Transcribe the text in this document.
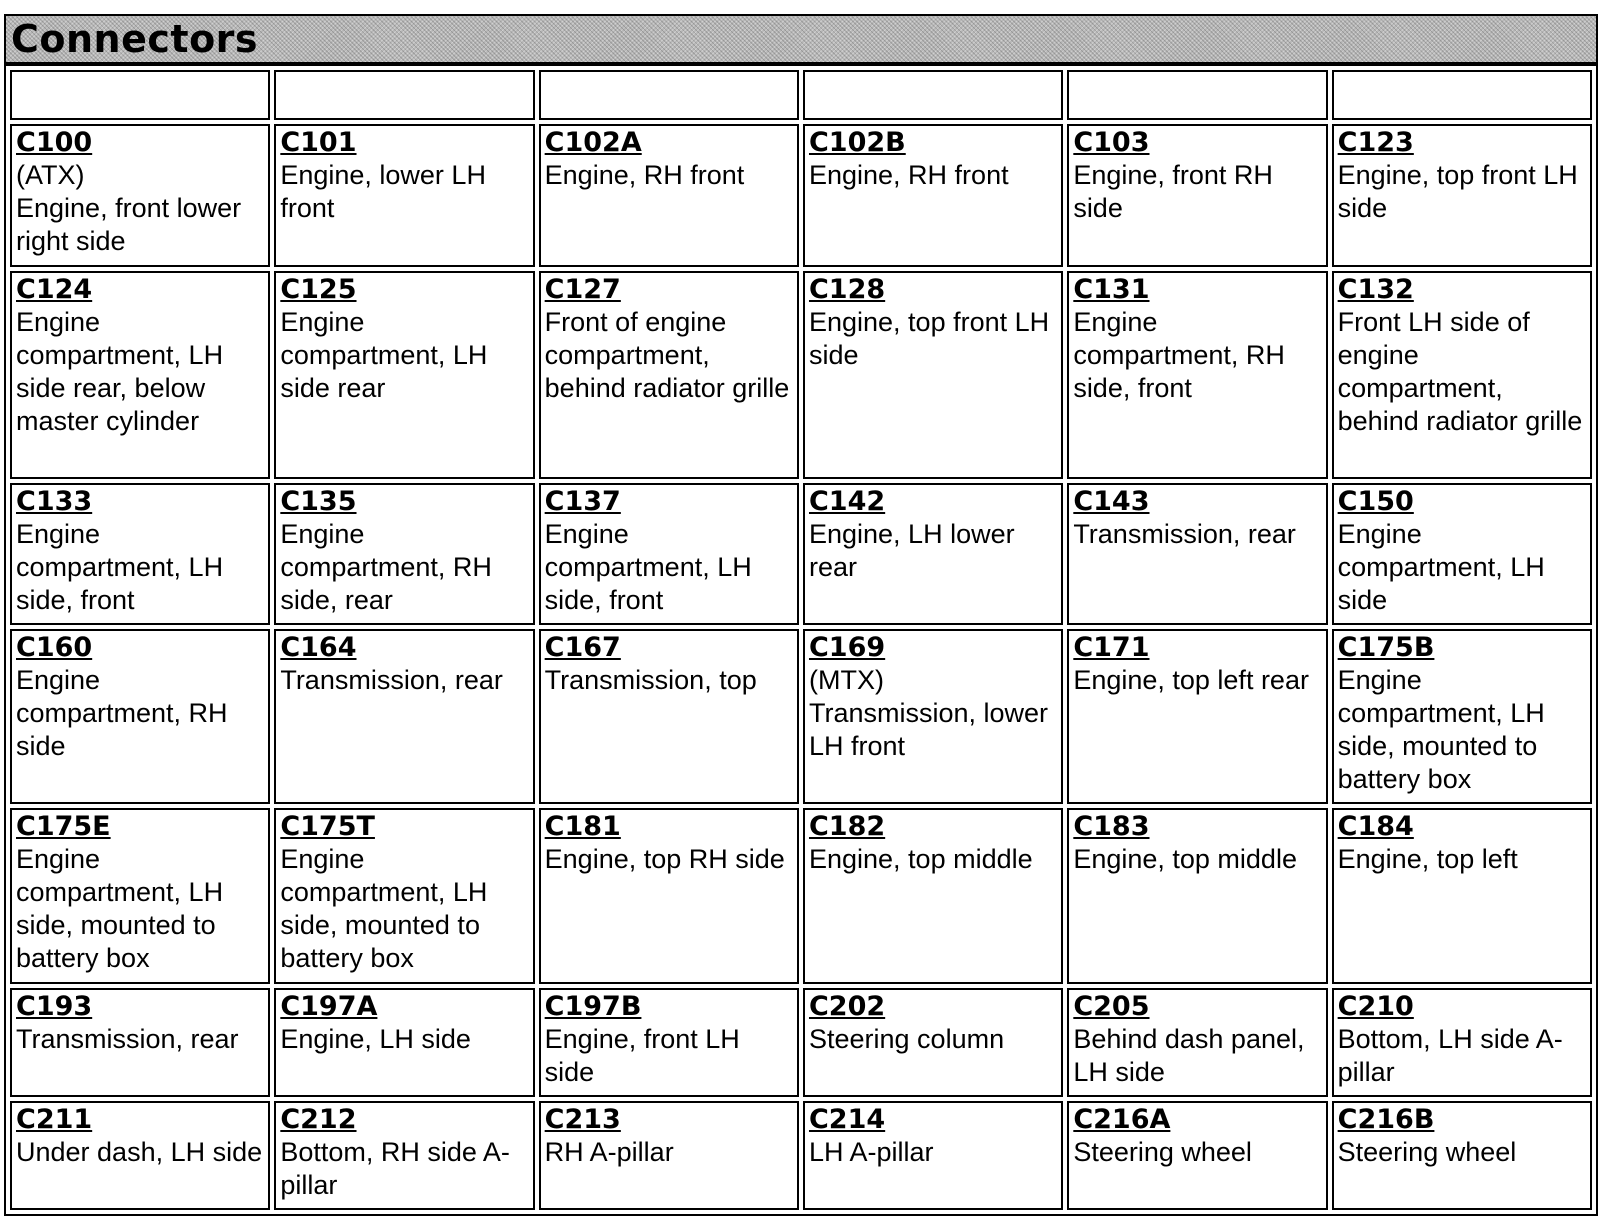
Connectors

C100
(ATX)
Engine, front lower right side	C101
Engine, lower LH front	C102A
Engine, RH front	C102B
Engine, RH front	C103
Engine, front RH side	C123
Engine, top front LH side

C124
Engine compartment, LH side rear, below master cylinder	C125
Engine compartment, LH side rear	C127
Front of engine compartment, behind radiator grille	C128
Engine, top front LH side	C131
Engine compartment, RH side, front	C132
Front LH side of engine compartment, behind radiator grille

C133
Engine compartment, LH side, front	C135
Engine compartment, RH side, rear	C137
Engine compartment, LH side, front	C142
Engine, LH lower rear	C143
Transmission, rear	C150
Engine compartment, LH side

C160
Engine compartment, RH side	C164
Transmission, rear	C167
Transmission, top	C169
(MTX)
Transmission, lower LH front	C171
Engine, top left rear	C175B
Engine compartment, LH side, mounted to battery box

C175E
Engine compartment, LH side, mounted to battery box	C175T
Engine compartment, LH side, mounted to battery box	C181
Engine, top RH side	C182
Engine, top middle	C183
Engine, top middle	C184
Engine, top left

C193
Transmission, rear	C197A
Engine, LH side	C197B
Engine, front LH side	C202
Steering column	C205
Behind dash panel, LH side	C210
Bottom, LH side A-pillar

C211
Under dash, LH side	C212
Bottom, RH side A-pillar	C213
RH A-pillar	C214
LH A-pillar	C216A
Steering wheel	C216B
Steering wheel
